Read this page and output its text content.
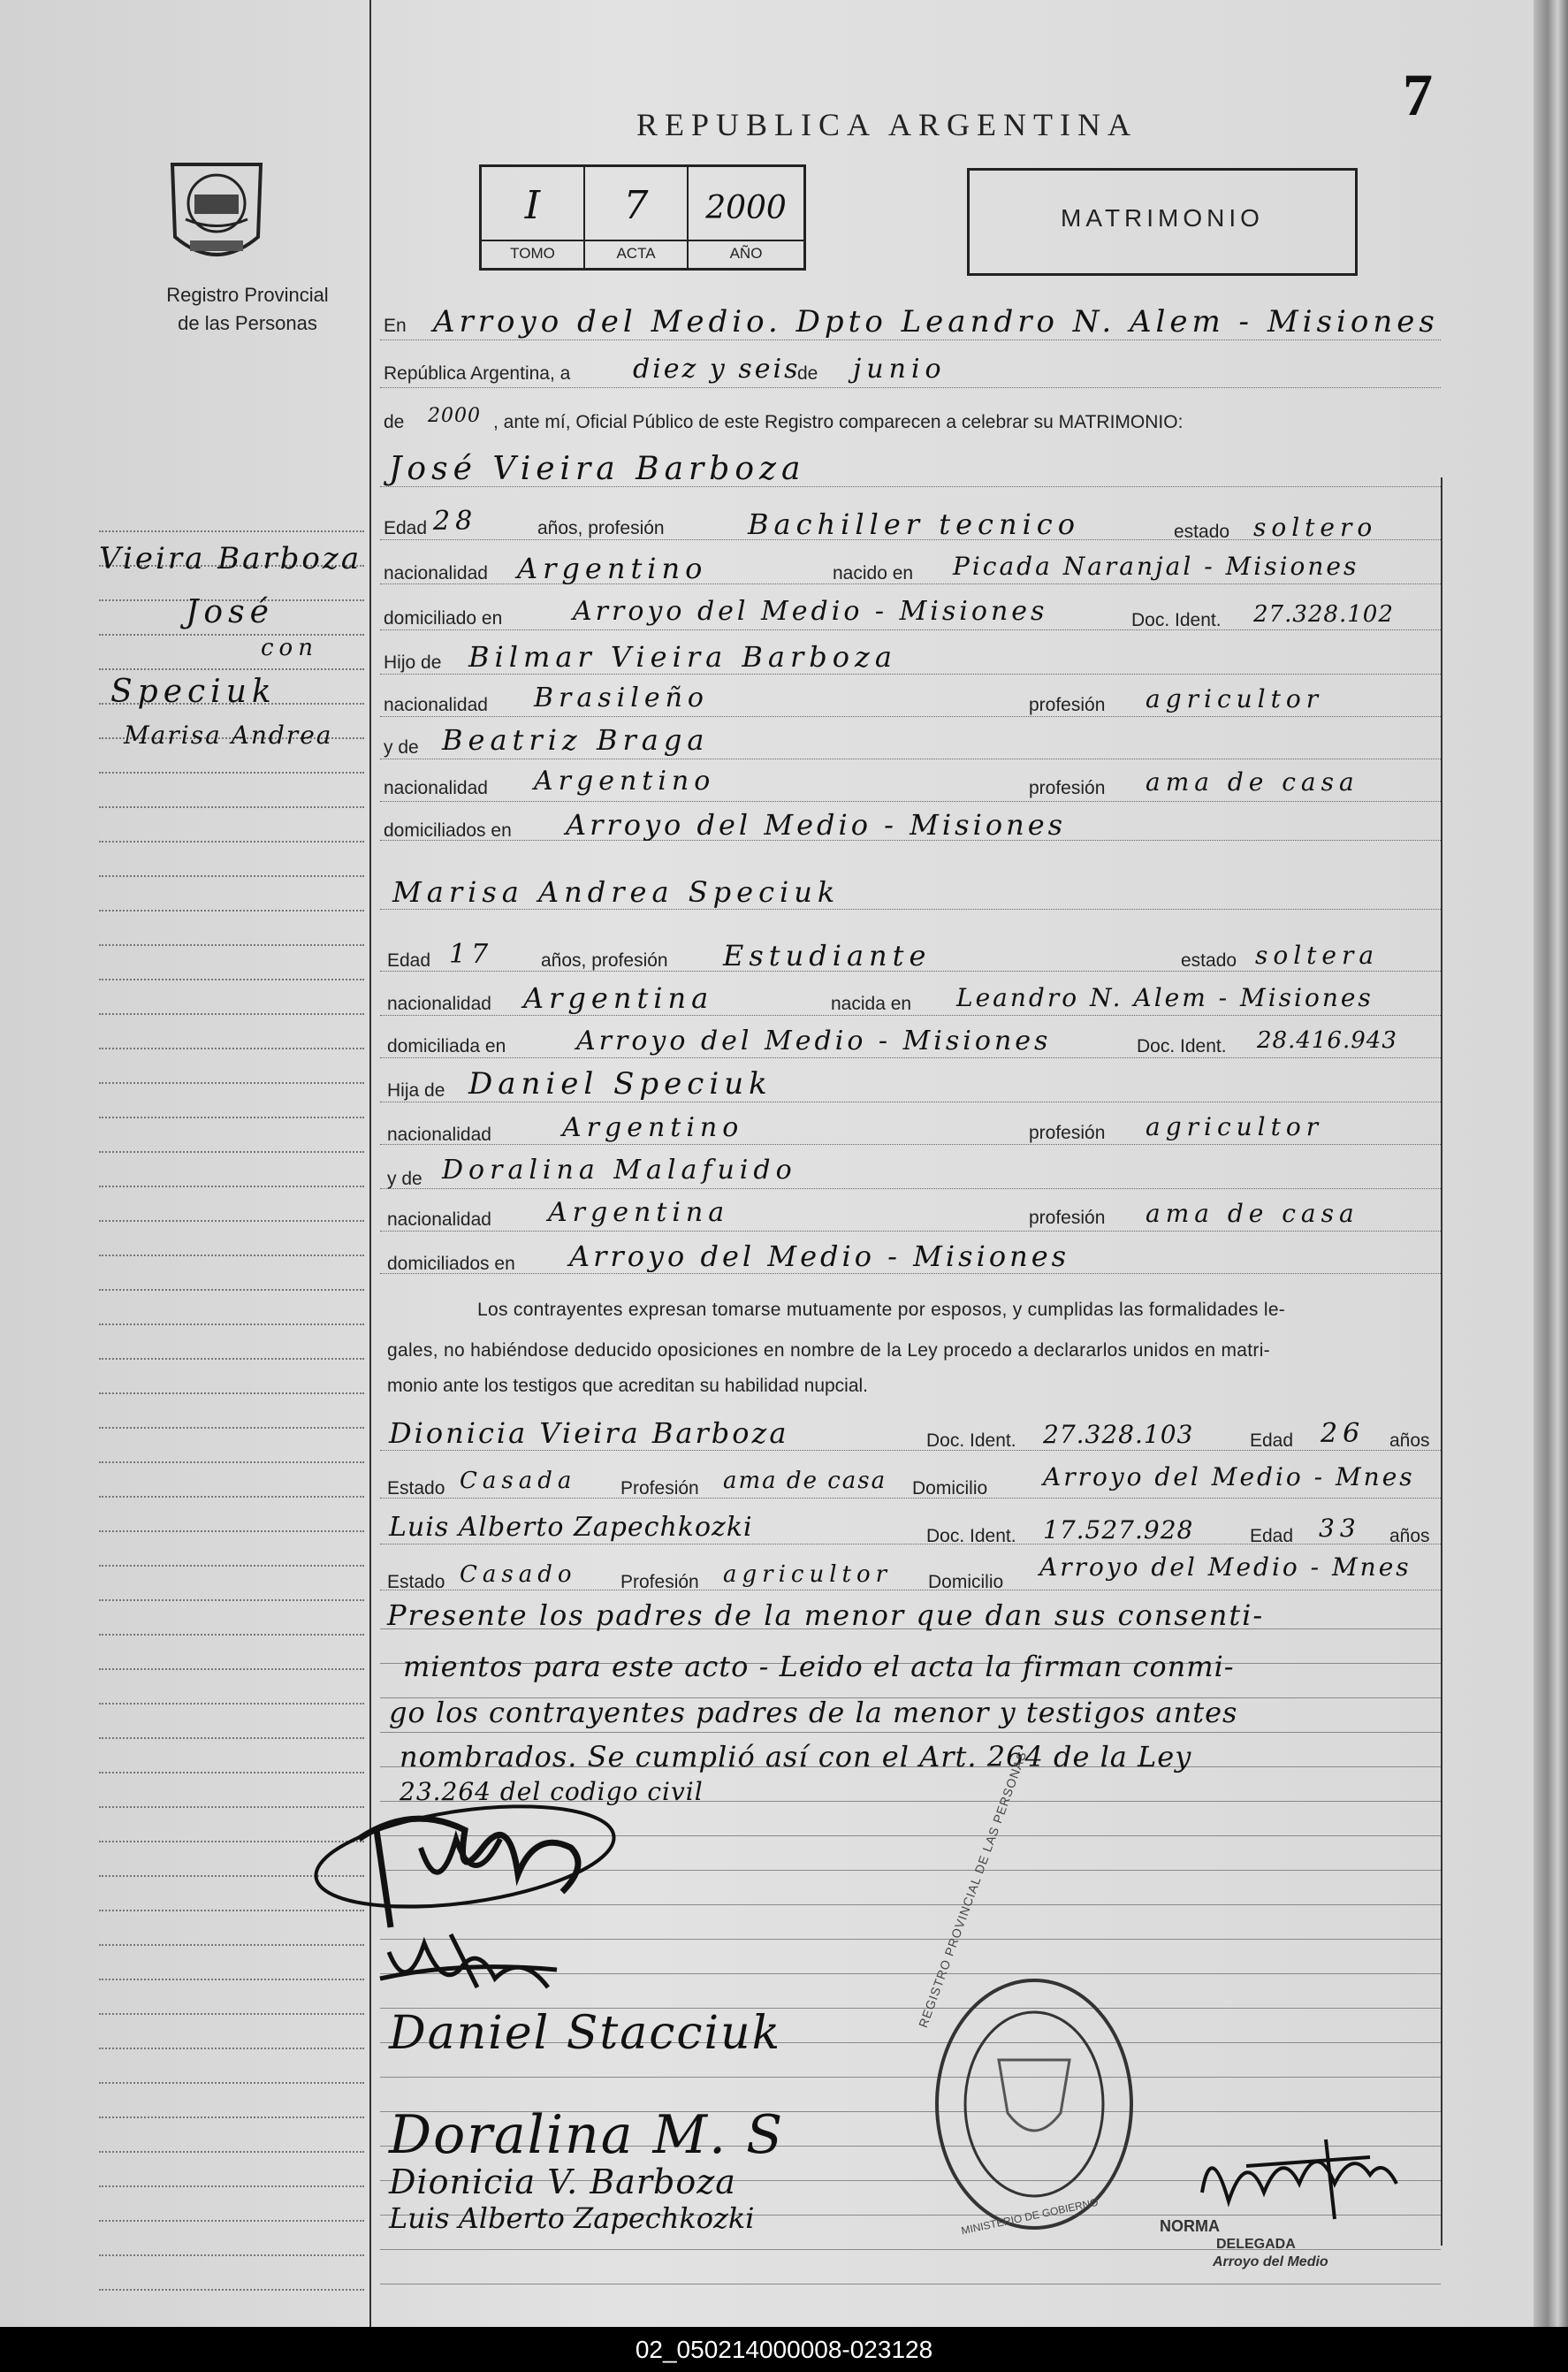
Registro Provincial
de las Personas
REPUBLICA ARGENTINA	7
I
TOMO
7
ACTA
2000
AÑO
MATRIMONIO
Vieira Barboza
José
con
Speciuk
Marisa Andrea
En Arroyo del Medio. Dpto Leandro N. Alem - Misiones
República Argentina, a diez y seis
de junio
de 2000 , ante mí, Oficial Público de este Registro comparecen a celebrar su MATRIMONIO:
José Vieira Barboza
Edad 28	años, profesión	Bachiller tecnico	estado soltero
nacionalidad Argentino	nacido en Picada Naranjal - Misiones
domiciliado en	Arroyo del Medio - Misiones	Doc. Ident. 27.328.102
Hijo de Bilmar Vieira Barboza
nacionalidad Brasileño	profesión agricultor
y de Beatriz Braga
nacionalidad Argentino	profesión ama de casa
domiciliados en Arroyo del Medio - Misiones
Marisa Andrea Speciuk
Edad 17	años, profesión Estudiante	estado soltera
nacionalidad Argentina	nacida en Leandro N. Alem - Misiones
domiciliada en	Arroyo del Medio - Misiones	Doc. Ident. 28.416.943
Hija de Daniel Speciuk
nacionalidad	Argentino	profesión agricultor
y de Doralina Malafuido
nacionalidad Argentina	profesión ama de casa
domiciliados en Arroyo del Medio - Misiones
Los contrayentes expresan tomarse mutuamente por esposos, y cumplidas las formalidades le-
gales, no habiéndose deducido oposiciones en nombre de la Ley procedo a declararlos unidos en matri-
monio ante los testigos que acreditan su habilidad nupcial.
Dionicia Vieira Barboza	Doc. Ident. 27.328.103	Edad 26 años
Estado Casada Profesión ama de casa Domicilio Arroyo del Medio - Mnes
Luis Alberto Zapechkozki	Doc. Ident. 17.527.928	Edad 33 años
Estado Casado Profesión agricultor Domicilio
Arroyo del Medio - Mnes
Presente los padres de la menor que dan sus consenti-
mientos para este acto - Leido el acta la firman conmi-
go los contrayentes padres de la menor y testigos antes
nombrados. Se cumplió así con el Art. 264 de la Ley
23.264 del codigo civil
Daniel Stacciuk
Doralina M. S
Dionicia V. Barboza
Luis Alberto Zapechkozki
REGISTRO PROVINCIAL DE LAS PERSONAS
MINISTERIO DE GOBIERNO	NORMA
DELEGADA
Arroyo del Medio
02_050214000008-023128
